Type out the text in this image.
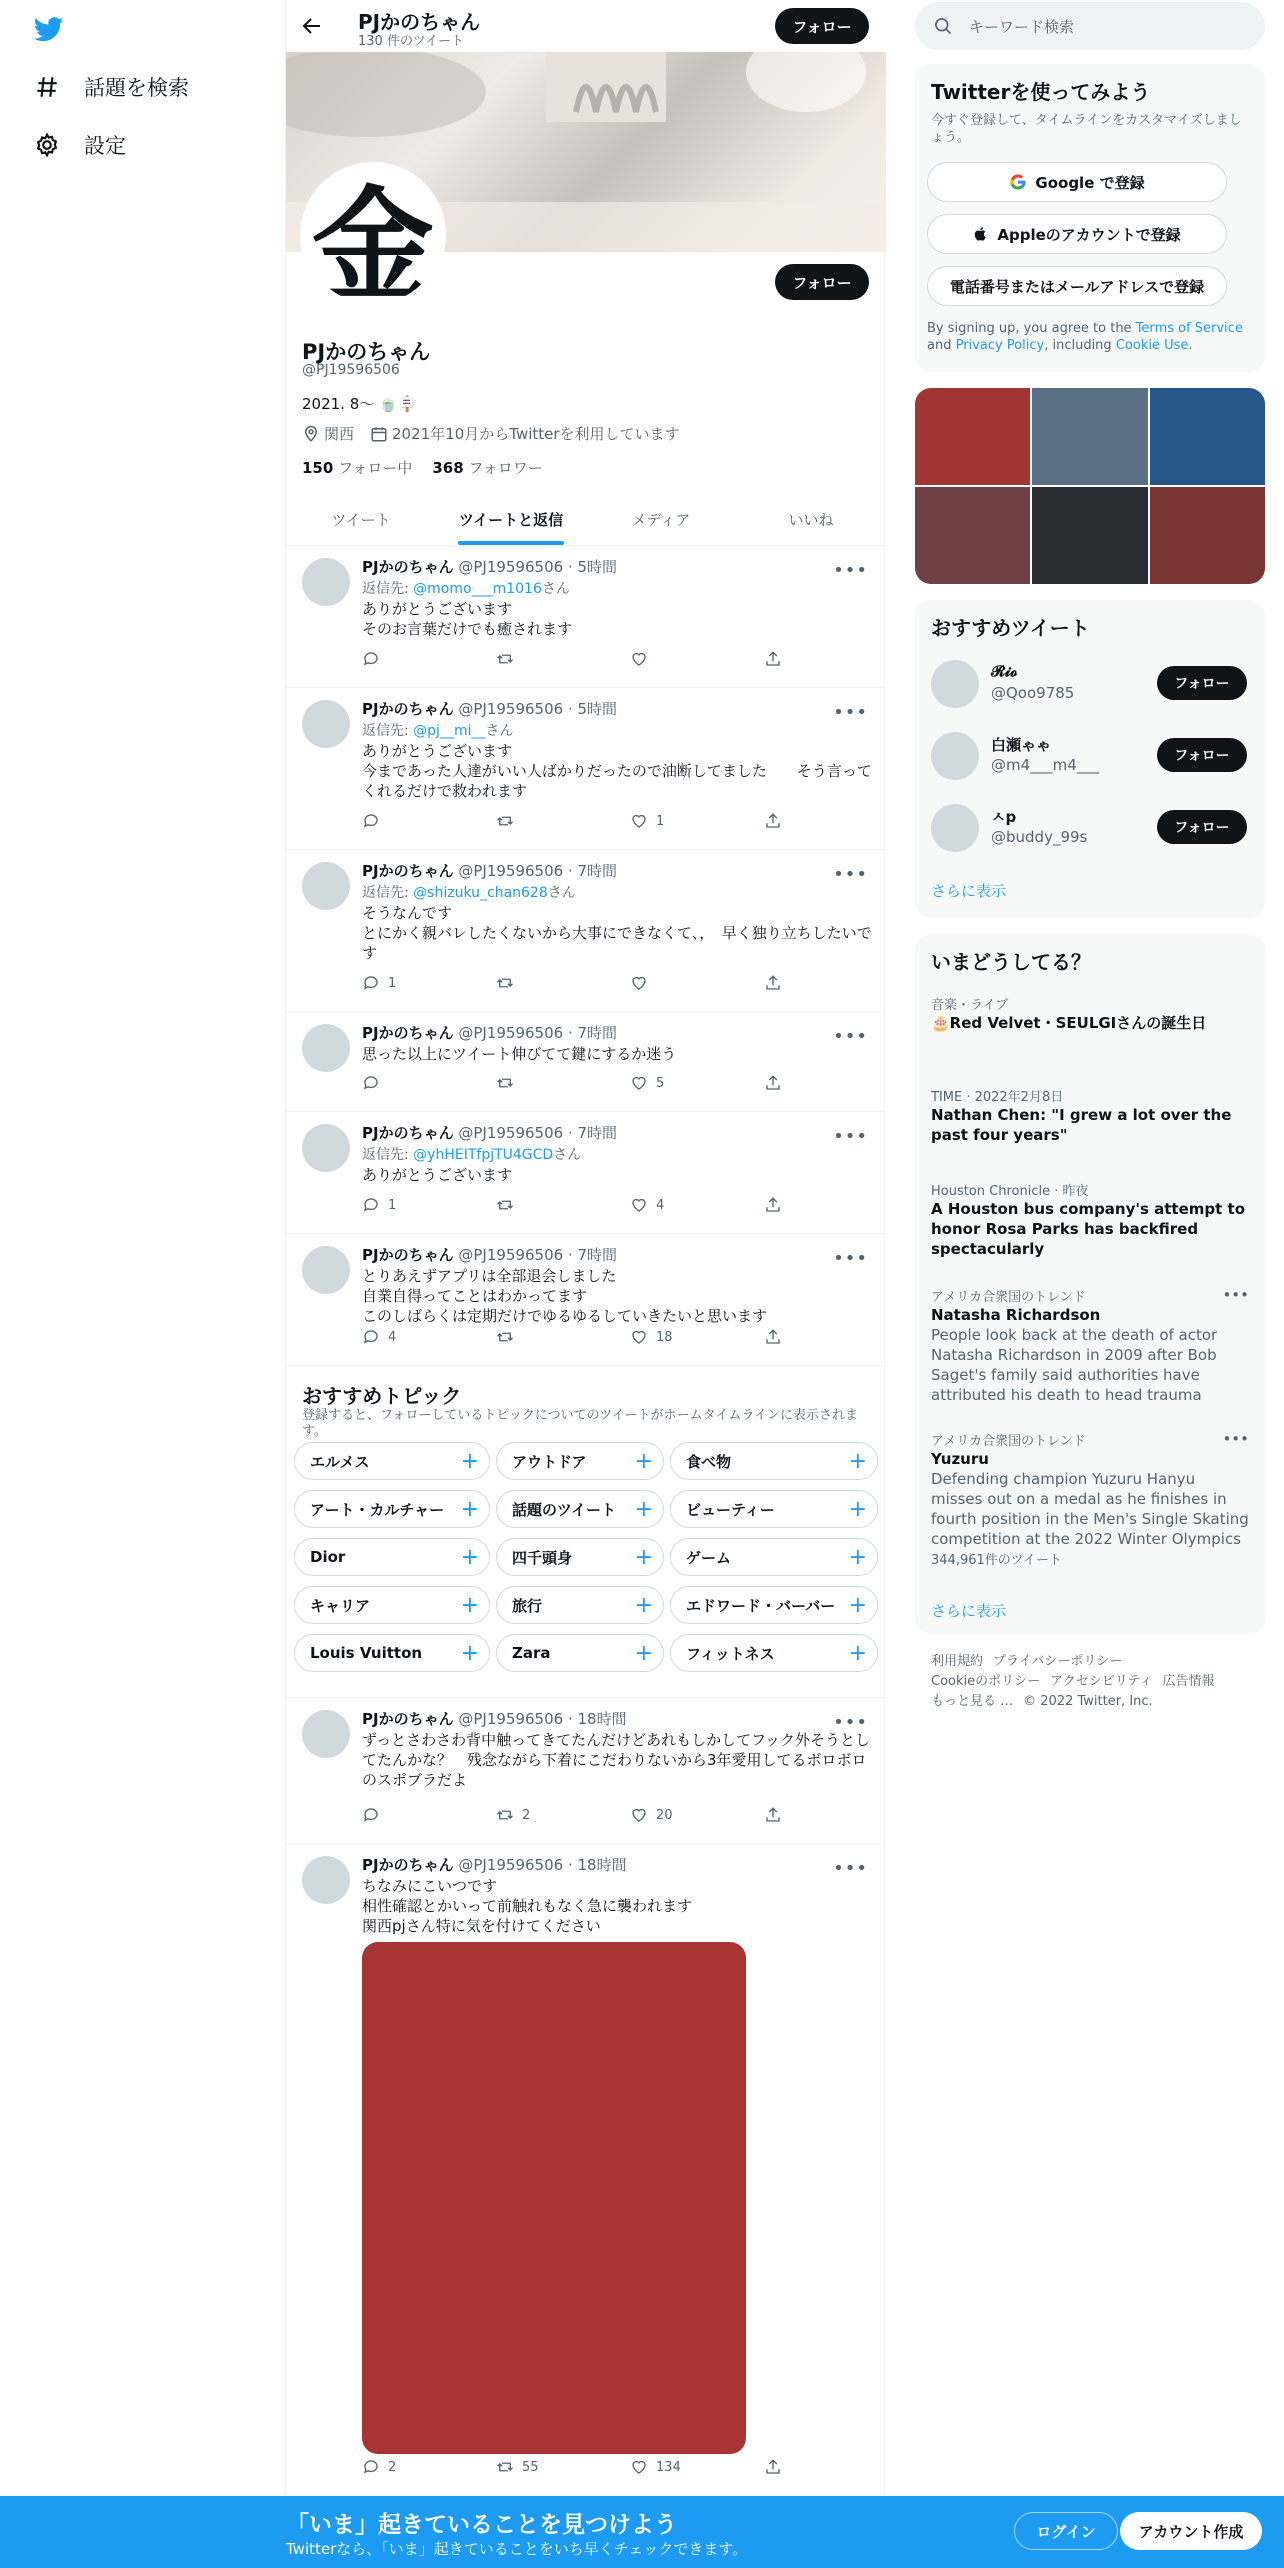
話題を検索
設定
PJかのちゃん
130 件のツイート
フォロー
金	フォロー
PJかのちゃん
@PJ19596506
2021. 8～ 🍵🪧
関西	2021年10月からTwitterを利用しています
150 フォロー中 368 フォロワー
ツイート	ツイートと返信	メディア	いいね
•••
PJかのちゃん @PJ19596506 · 5時間
返信先: @momo___m1016さん
ありがとうございます
そのお言葉だけでも癒されます
•••
PJかのちゃん @PJ19596506 · 5時間
返信先: @pj__mi__さん
ありがとうございます
今まであった人達がいい人ばかりだったので油断してました　　そう言ってくれるだけで救われます
1
•••
PJかのちゃん @PJ19596506 · 7時間
返信先: @shizuku_chan628さん
そうなんです
とにかく親バレしたくないから大事にできなくて、，　早く独り立ちしたいです
1
•••
PJかのちゃん @PJ19596506 · 7時間
思った以上にツイート伸びてて鍵にするか迷う
5
•••
PJかのちゃん @PJ19596506 · 7時間
返信先: @yhHEITfpjTU4GCDさん
ありがとうございます
1	4
•••
PJかのちゃん @PJ19596506 · 7時間
とりあえずアプリは全部退会しました
自業自得ってことはわかってます
このしばらくは定期だけでゆるゆるしていきたいと思います
4	18
おすすめトピック
登録すると、フォローしているトピックについてのツイートがホームタイムラインに表示されます。
エルメス	+ アウトドア + 食べ物	+
アート・カルチャー + 話題のツイート + ビューティー	+
Dior	+ 四千頭身	+ ゲーム	+
キャリア	+ 旅行	+ エドワード・バーバー +
Louis Vuitton + Zara	+ フィットネス	+
•••
PJかのちゃん @PJ19596506 · 18時間
ずっとさわさわ背中触ってきてたんだけどあれもしかしてフック外そうとしてたんかな？　残念ながら下着にこだわりないから3年愛用してるボロボロのスポブラだよ
2	20
•••
PJかのちゃん @PJ19596506 · 18時間
ちなみにこいつです
相性確認とかいって前触れもなく急に襲われます
関西pjさん特に気を付けてください
2	55	134
キーワード検索
Twitterを使ってみよう
今すぐ登録して、タイムラインをカスタマイズしましょう。
Google で登録
Appleのアカウントで登録
電話番号またはメールアドレスで登録
By signing up, you agree to the Terms of Service and Privacy Policy, including Cookie Use.
おすすめツイート
𝓡𝓲𝓸
@Qoo9785	フォロー
白瀬ゃゃ
@m4___m4___	フォロー
ㅅp
@buddy_99s	フォロー
さらに表示
いまどうしてる？
音楽・ライブ
🎂Red Velvet・SEULGIさんの誕生日
TIME · 2022年2月8日
Nathan Chen: "I grew a lot over the past four years"
Houston Chronicle · 昨夜
A Houston bus company's attempt to honor Rosa Parks has backfired spectacularly
アメリカ合衆国のトレンド
Natasha Richardson
People look back at the death of actor Natasha Richardson in 2009 after Bob Saget's family said authorities have attributed his death to head trauma
•••
アメリカ合衆国のトレンド
Yuzuru
Defending champion Yuzuru Hanyu misses out on a medal as he finishes in fourth position in the Men's Single Skating competition at the 2022 Winter Olympics
344,961件のツイート
•••
さらに表示
利用規約 プライバシーポリシー
Cookieのポリシー アクセシビリティ 広告情報
もっと見る … © 2022 Twitter, Inc.
「いま」起きていることを見つけよう
Twitterなら、「いま」起きていることをいち早くチェックできます。
ログイン	アカウント作成
